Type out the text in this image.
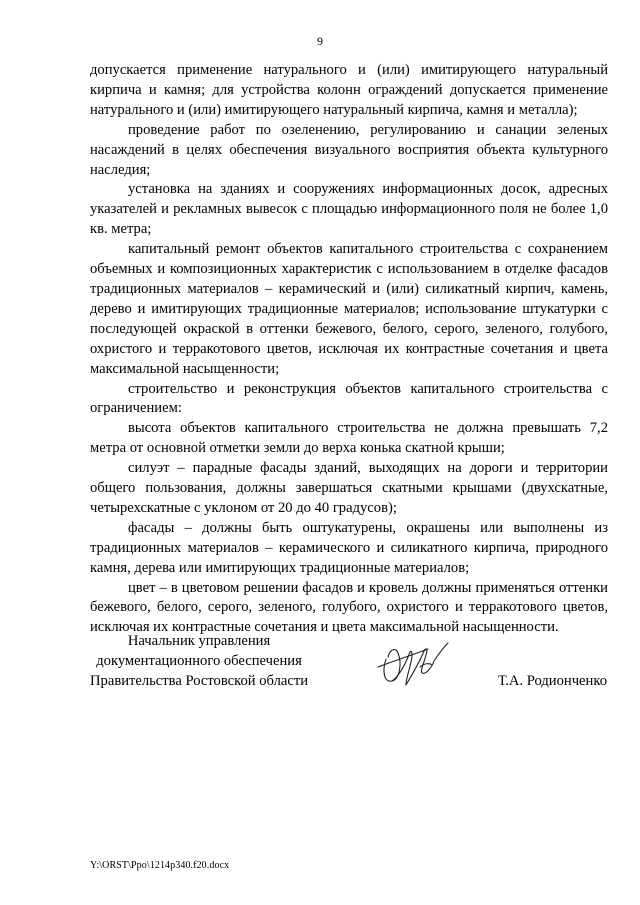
9

допускается применение натурального и (или) имитирующего натуральный кирпича и камня; для устройства колонн ограждений допускается применение натурального и (или) имитирующего натуральный кирпича, камня и металла);

проведение работ по озеленению, регулированию и санации зеленых насаждений в целях обеспечения визуального восприятия объекта культурного наследия;

установка на зданиях и сооружениях информационных досок, адресных указателей и рекламных вывесок с площадью информационного поля не более 1,0 кв. метра;

капитальный ремонт объектов капитального строительства с сохранением объемных и композиционных характеристик с использованием в отделке фасадов традиционных материалов – керамический и (или) силикатный кирпич, камень, дерево и имитирующих традиционные материалов; использование штукатурки с последующей окраской в оттенки бежевого, белого, серого, зеленого, голубого, охристого и терракотового цветов, исключая их контрастные сочетания и цвета максимальной насыщенности;

строительство и реконструкция объектов капитального строительства с ограничением:

высота объектов капитального строительства не должна превышать 7,2 метра от основной отметки земли до верха конька скатной крыши;

силуэт – парадные фасады зданий, выходящих на дороги и территории общего пользования, должны завершаться скатными крышами (двухскатные, четырехскатные с уклоном от 20 до 40 градусов);

фасады – должны быть оштукатурены, окрашены или выполнены из традиционных материалов – керамического и силикатного кирпича, природного камня, дерева или имитирующих традиционные материалов;

цвет – в цветовом решении фасадов и кровель должны применяться оттенки бежевого, белого, серого, зеленого, голубого, охристого и терракотового цветов, исключая их контрастные сочетания и цвета максимальной насыщенности.

Начальник управления
документационного обеспечения
Правительства Ростовской области	Т.А. Родионченко
Y:\ORST\Ppo\1214p340.f20.docx
